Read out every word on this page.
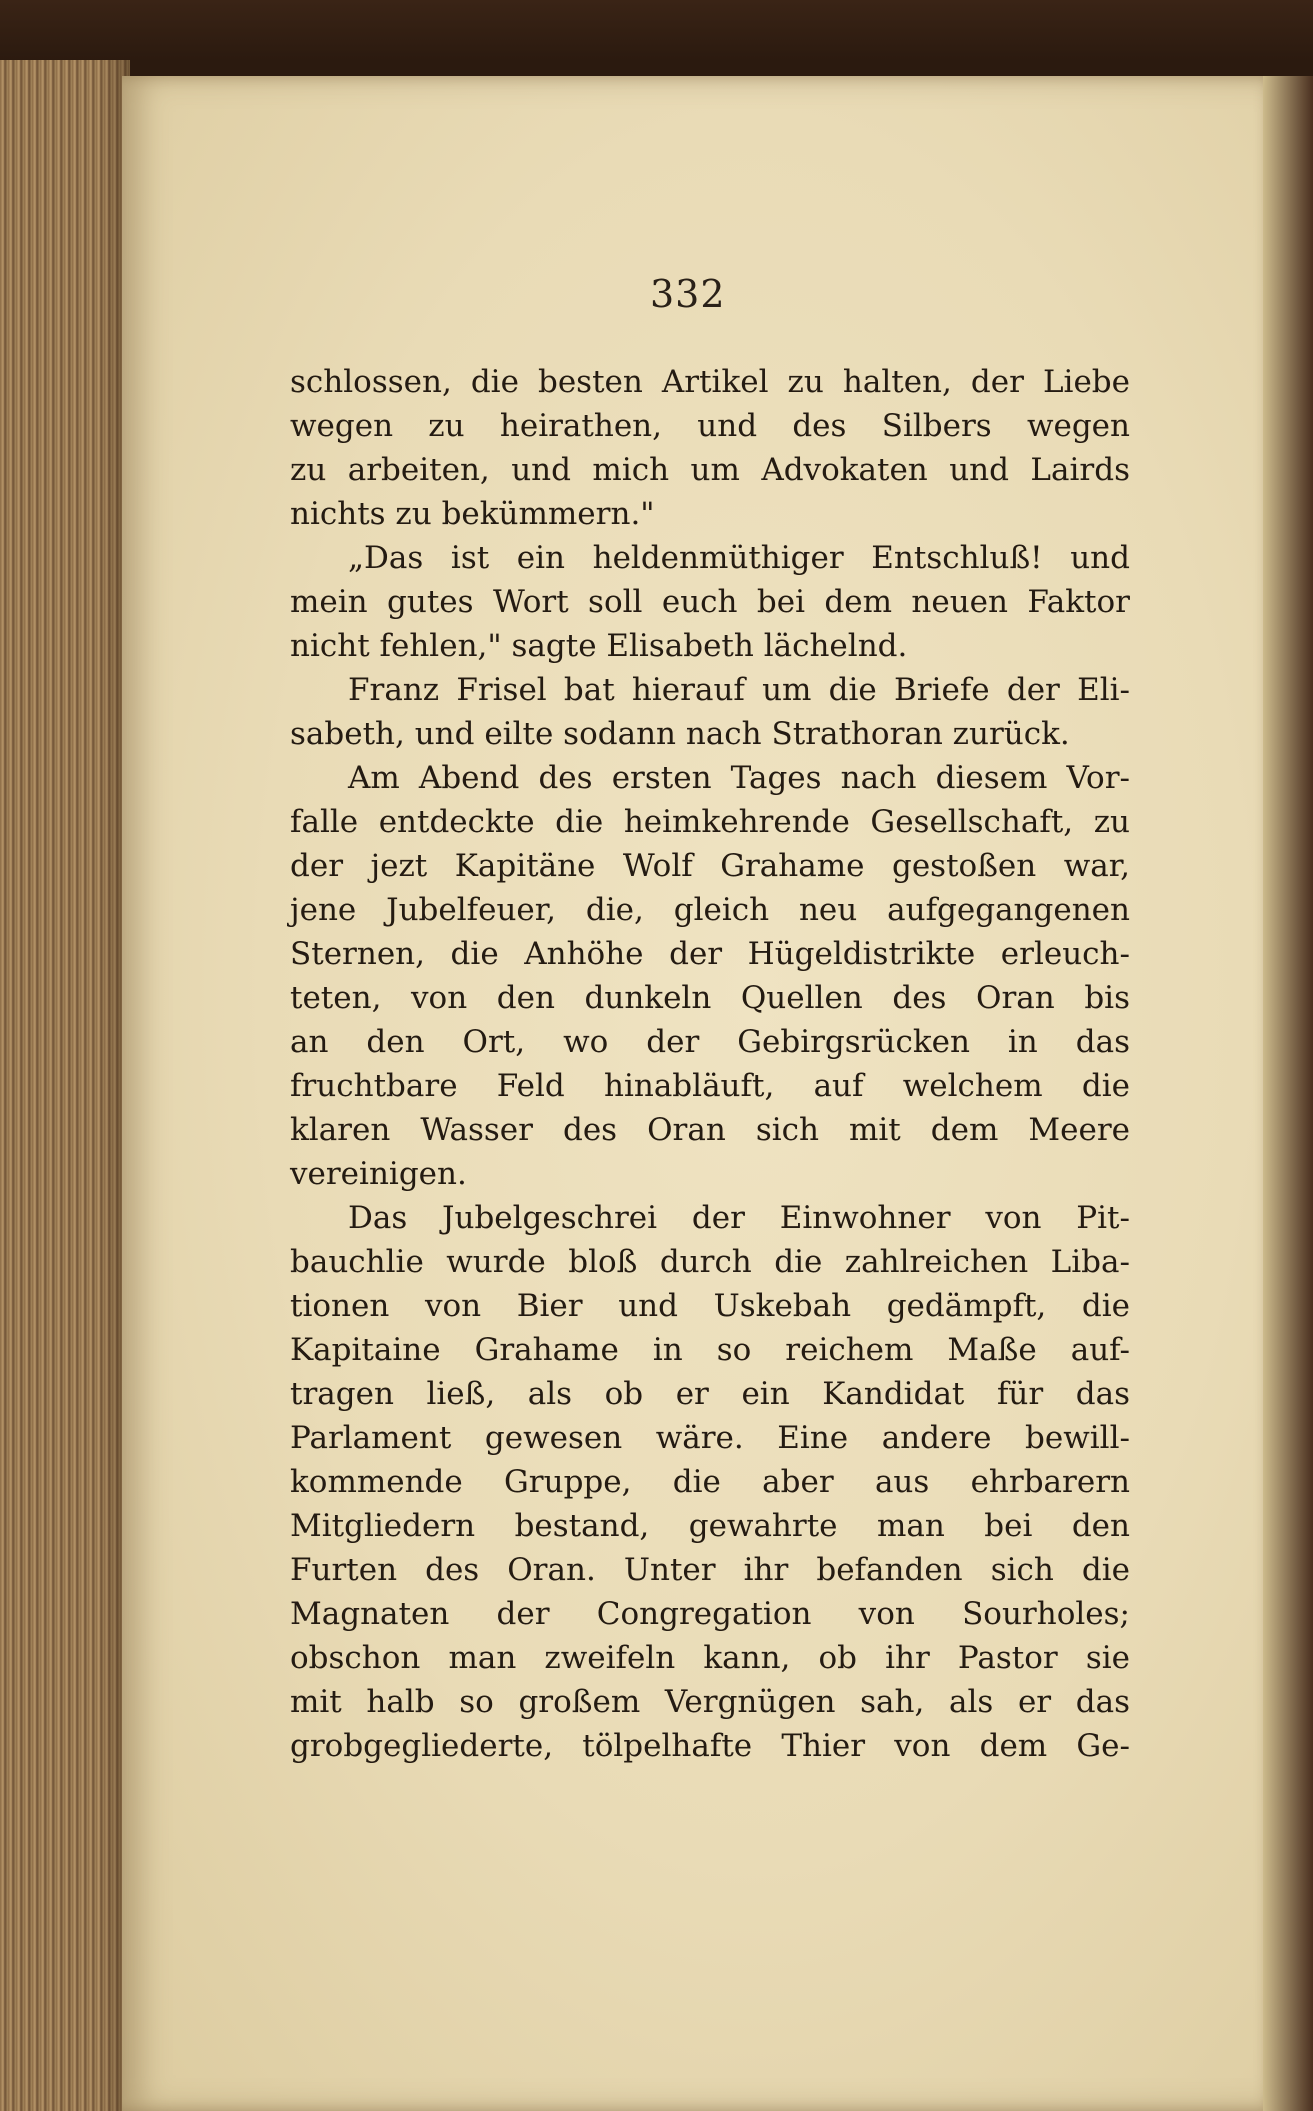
332
schlossen, die besten Artikel zu halten, der Liebe
wegen zu heirathen, und des Silbers wegen
zu arbeiten, und mich um Advokaten und Lairds
nichts zu bekümmern."
„Das ist ein heldenmüthiger Entschluß! und
mein gutes Wort soll euch bei dem neuen Faktor
nicht fehlen," sagte Elisabeth lächelnd.
Franz Frisel bat hierauf um die Briefe der Eli-
sabeth, und eilte sodann nach Strathoran zurück.
Am Abend des ersten Tages nach diesem Vor-
falle entdeckte die heimkehrende Gesellschaft, zu
der jezt Kapitäne Wolf Grahame gestoßen war,
jene Jubelfeuer, die, gleich neu aufgegangenen
Sternen, die Anhöhe der Hügeldistrikte erleuch-
teten, von den dunkeln Quellen des Oran bis
an den Ort, wo der Gebirgsrücken in das
fruchtbare Feld hinabläuft, auf welchem die
klaren Wasser des Oran sich mit dem Meere
vereinigen.
Das Jubelgeschrei der Einwohner von Pit-
bauchlie wurde bloß durch die zahlreichen Liba-
tionen von Bier und Uskebah gedämpft, die
Kapitaine Grahame in so reichem Maße auf-
tragen ließ, als ob er ein Kandidat für das
Parlament gewesen wäre. Eine andere bewill-
kommende Gruppe, die aber aus ehrbarern
Mitgliedern bestand, gewahrte man bei den
Furten des Oran. Unter ihr befanden sich die
Magnaten der Congregation von Sourholes;
obschon man zweifeln kann, ob ihr Pastor sie
mit halb so großem Vergnügen sah, als er das
grobgegliederte, tölpelhafte Thier von dem Ge-
